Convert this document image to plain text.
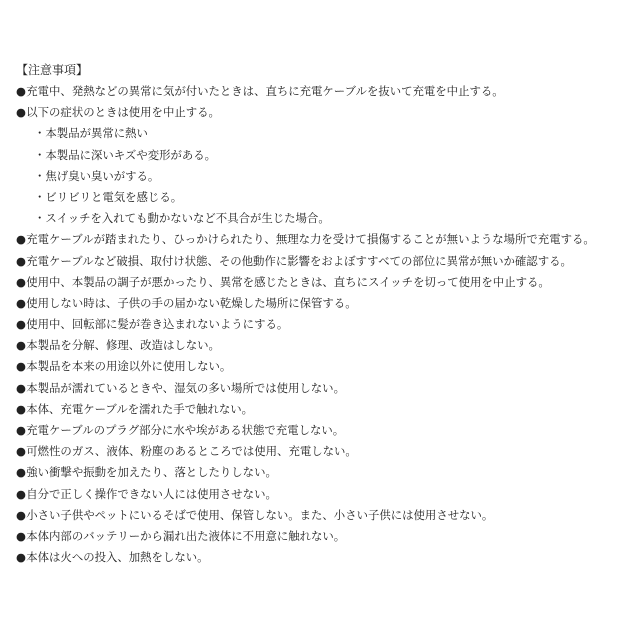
【注意事項】
●充電中、発熱などの異常に気が付いたときは、直ちに充電ケーブルを抜いて充電を中止する。
●以下の症状のときは使用を中止する。
・本製品が異常に熱い
・本製品に深いキズや変形がある。
・焦げ臭い臭いがする。
・ビリビリと電気を感じる。
・スイッチを入れても動かないなど不具合が生じた場合。
●充電ケーブルが踏まれたり、ひっかけられたり、無理な力を受けて損傷することが無いような場所で充電する。
●充電ケーブルなど破損、取付け状態、その他動作に影響をおよぼすすべての部位に異常が無いか確認する。
●使用中、本製品の調子が悪かったり、異常を感じたときは、直ちにスイッチを切って使用を中止する。
●使用しない時は、子供の手の届かない乾燥した場所に保管する。
●使用中、回転部に髪が巻き込まれないようにする。
●本製品を分解、修理、改造はしない。
●本製品を本来の用途以外に使用しない。
●本製品が濡れているときや、湿気の多い場所では使用しない。
●本体、充電ケーブルを濡れた手で触れない。
●充電ケーブルのプラグ部分に水や埃がある状態で充電しない。
●可燃性のガス、液体、粉塵のあるところでは使用、充電しない。
●強い衝撃や振動を加えたり、落としたりしない。
●自分で正しく操作できない人には使用させない。
●小さい子供やペットにいるそばで使用、保管しない。また、小さい子供には使用させない。
●本体内部のバッテリーから漏れ出た液体に不用意に触れない。
●本体は火への投入、加熱をしない。
